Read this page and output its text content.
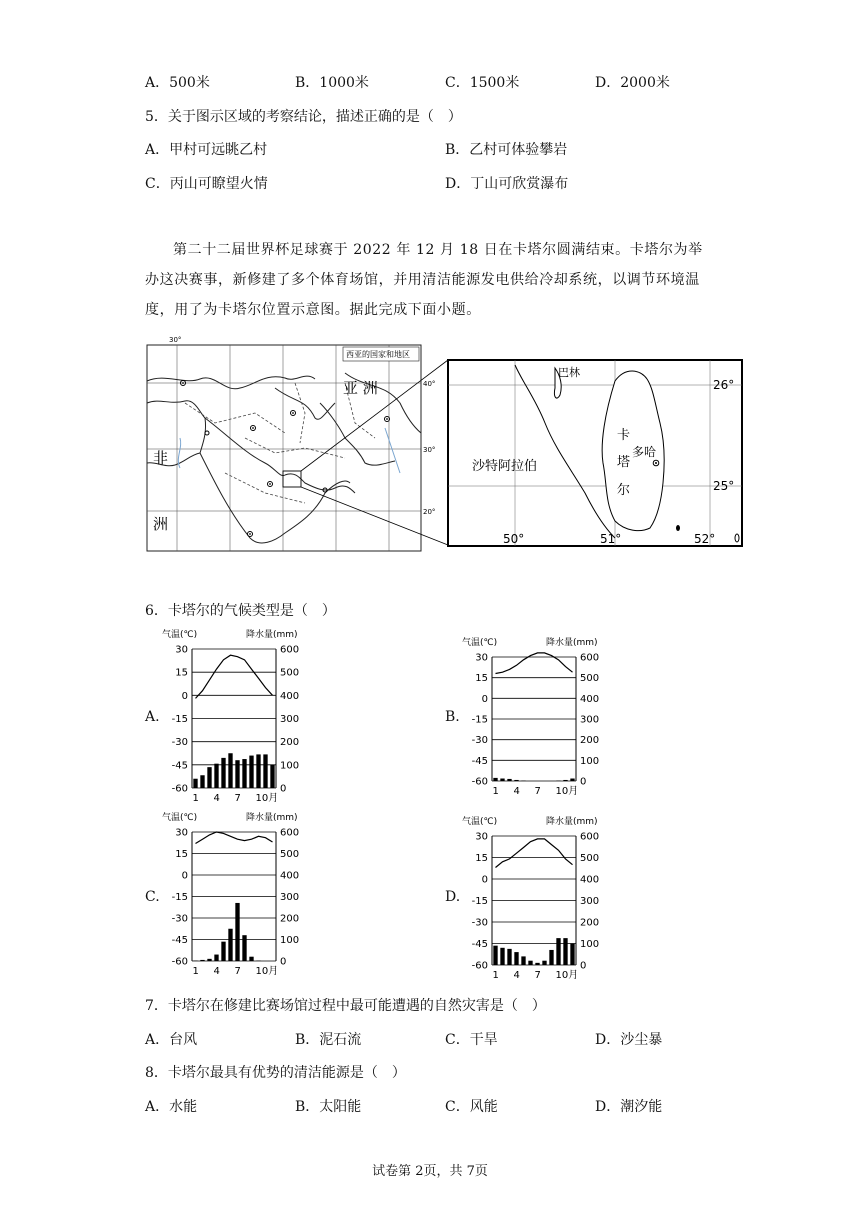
A．500米	B．1000米	C．1500米	D．2000米
5．关于图示区域的考察结论，描述正确的是（　）
A．甲村可远眺乙村	B．乙村可体验攀岩
C．丙山可瞭望火情	D．丁山可欣赏瀑布

第二十二届世界杯足球赛于 2022 年 12 月 18 日在卡塔尔圆满结束。卡塔尔为举办这决赛事，新修建了多个体育场馆，并用清洁能源发电供给冷却系统，以调节环境温度，用了为卡塔尔位置示意图。据此完成下面小题。

西亚的国家和地区
30°
40°
30°
20°
亚 洲
非
洲
巴林
卡
塔
尔
多哈
沙特阿拉伯
26°
25°
50°	51°	52°
6．卡塔尔的气候类型是（　）
A.
气温(℃)	降水量(mm)
30	600
15	500
0	400
-15	300
-30	200
-45	100
-60	0
1 4 7 10月
B.
气温(℃)	降水量(mm)
30	600
15	500
0	400
-15	300
-30	200
-45	100
-60	0
1 4 7 10月
C.
气温(℃)	降水量(mm)
30	600
15	500
0	400
-15	300
-30	200
-45	100
-60	0
1 4 7 10月
D.
气温(℃)	降水量(mm)
30	600
15	500
0	400
-15	300
-30	200
-45	100
-60	0
1 4 7 10月
7．卡塔尔在修建比赛场馆过程中最可能遭遇的自然灾害是（　）
A．台风	B．泥石流	C．干旱	D．沙尘暴
8．卡塔尔最具有优势的清洁能源是（　）
A．水能	B．太阳能	C．风能	D．潮汐能
试卷第 2页，共 7页
